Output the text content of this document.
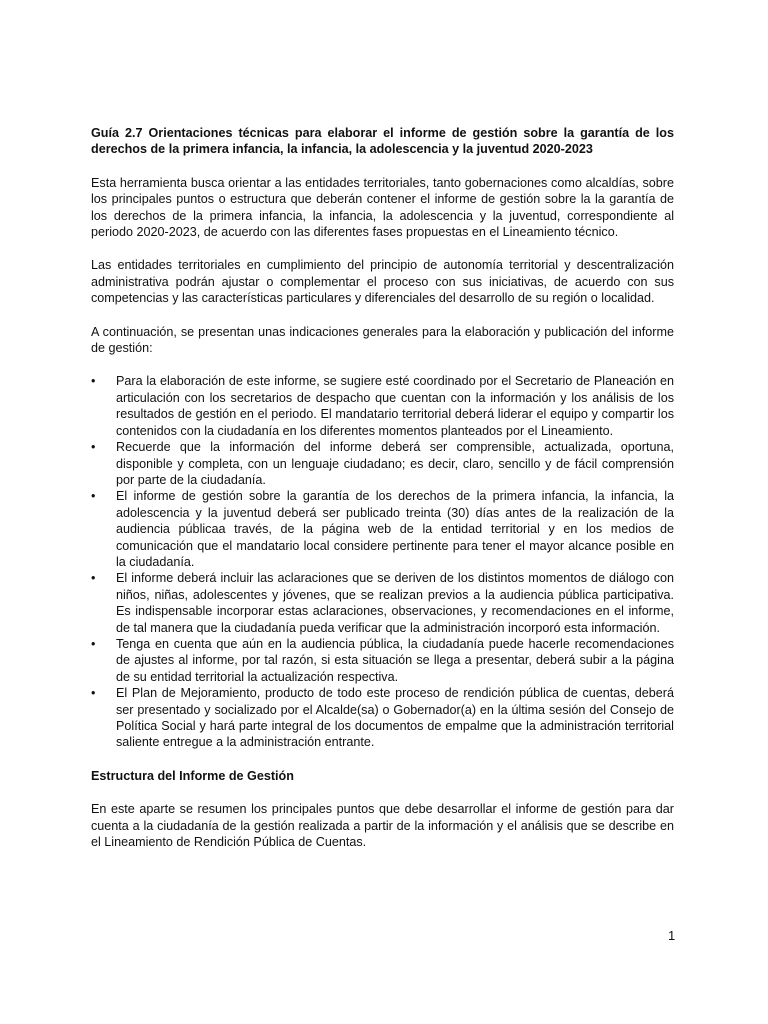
Guía 2.7 Orientaciones técnicas para elaborar el informe de gestión sobre la garantía de los derechos de la primera infancia, la infancia, la adolescencia y la juventud 2020-2023

Esta herramienta busca orientar a las entidades territoriales, tanto gobernaciones como alcaldías, sobre los principales puntos o estructura que deberán contener el informe de gestión sobre la la garantía de los derechos de la primera infancia, la infancia, la adolescencia y la juventud, correspondiente al periodo 2020-2023, de acuerdo con las diferentes fases propuestas en el Lineamiento técnico.

Las entidades territoriales en cumplimiento del principio de autonomía territorial y descentralización administrativa podrán ajustar o complementar el proceso con sus iniciativas, de acuerdo con sus competencias y las características particulares y diferenciales del desarrollo de su región o localidad.

A continuación, se presentan unas indicaciones generales para la elaboración y publicación del informe de gestión:

•	Para la elaboración de este informe, se sugiere esté coordinado por el Secretario de Planeación en articulación con los secretarios de despacho que cuentan con la información y los análisis de los resultados de gestión en el periodo. El mandatario territorial deberá liderar el equipo y compartir los contenidos con la ciudadanía en los diferentes momentos planteados por el Lineamiento.
•	Recuerde que la información del informe deberá ser comprensible, actualizada, oportuna, disponible y completa, con un lenguaje ciudadano; es decir, claro, sencillo y de fácil comprensión por parte de la ciudadanía.
•	El informe de gestión sobre la garantía de los derechos de la primera infancia, la infancia, la adolescencia y la juventud deberá ser publicado treinta (30) días antes de la realización de la audiencia públicaa través, de la página web de la entidad territorial y en los medios de comunicación que el mandatario local considere pertinente para tener el mayor alcance posible en la ciudadanía.
•	El informe deberá incluir las aclaraciones que se deriven de los distintos momentos de diálogo con niños, niñas, adolescentes y jóvenes, que se realizan previos a la audiencia pública participativa. Es indispensable incorporar estas aclaraciones, observaciones, y recomendaciones en el informe, de tal manera que la ciudadanía pueda verificar que la administración incorporó esta información.
•	Tenga en cuenta que aún en la audiencia pública, la ciudadanía puede hacerle recomendaciones de ajustes al informe, por tal razón, si esta situación se llega a presentar, deberá subir a la página de su entidad territorial la actualización respectiva.
•	El Plan de Mejoramiento, producto de todo este proceso de rendición pública de cuentas, deberá ser presentado y socializado por el Alcalde(sa) o Gobernador(a) en la última sesión del Consejo de Política Social y hará parte integral de los documentos de empalme que la administración territorial saliente entregue a la administración entrante.

Estructura del Informe de Gestión

En este aparte se resumen los principales puntos que debe desarrollar el informe de gestión para dar cuenta a la ciudadanía de la gestión realizada a partir de la información y el análisis que se describe en el Lineamiento de Rendición Pública de Cuentas.

1
